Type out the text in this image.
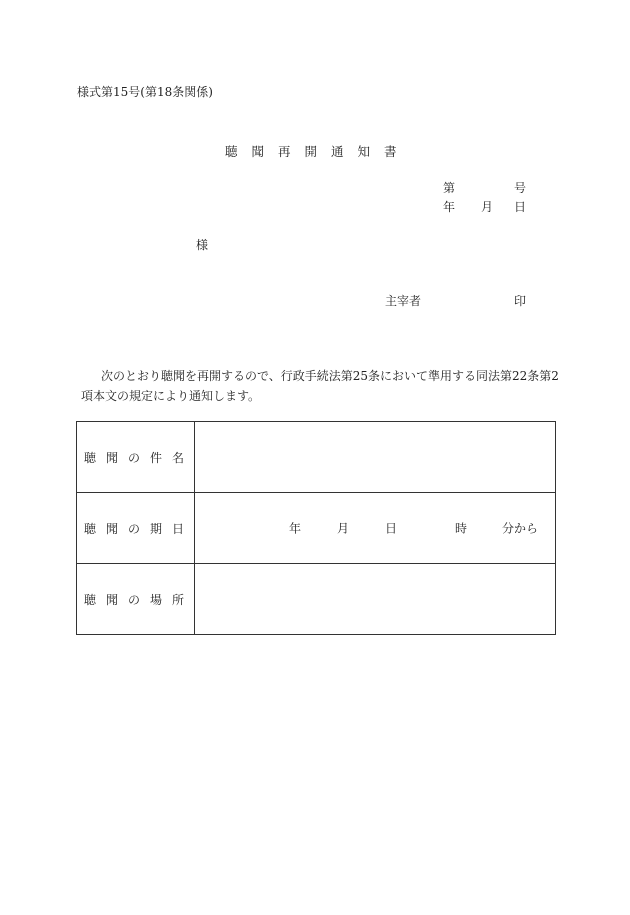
様式第15号(第18条関係)
聴聞再開通知書
第	号
年 月 日
様
主宰者	印
次のとおり聴聞を再開するので、行政手続法第25条において準用する同法第22条第2
項本文の規定により通知します。
聴聞の件名	
聴聞の期日	年 月 日 時 分から

聴聞の場所	
